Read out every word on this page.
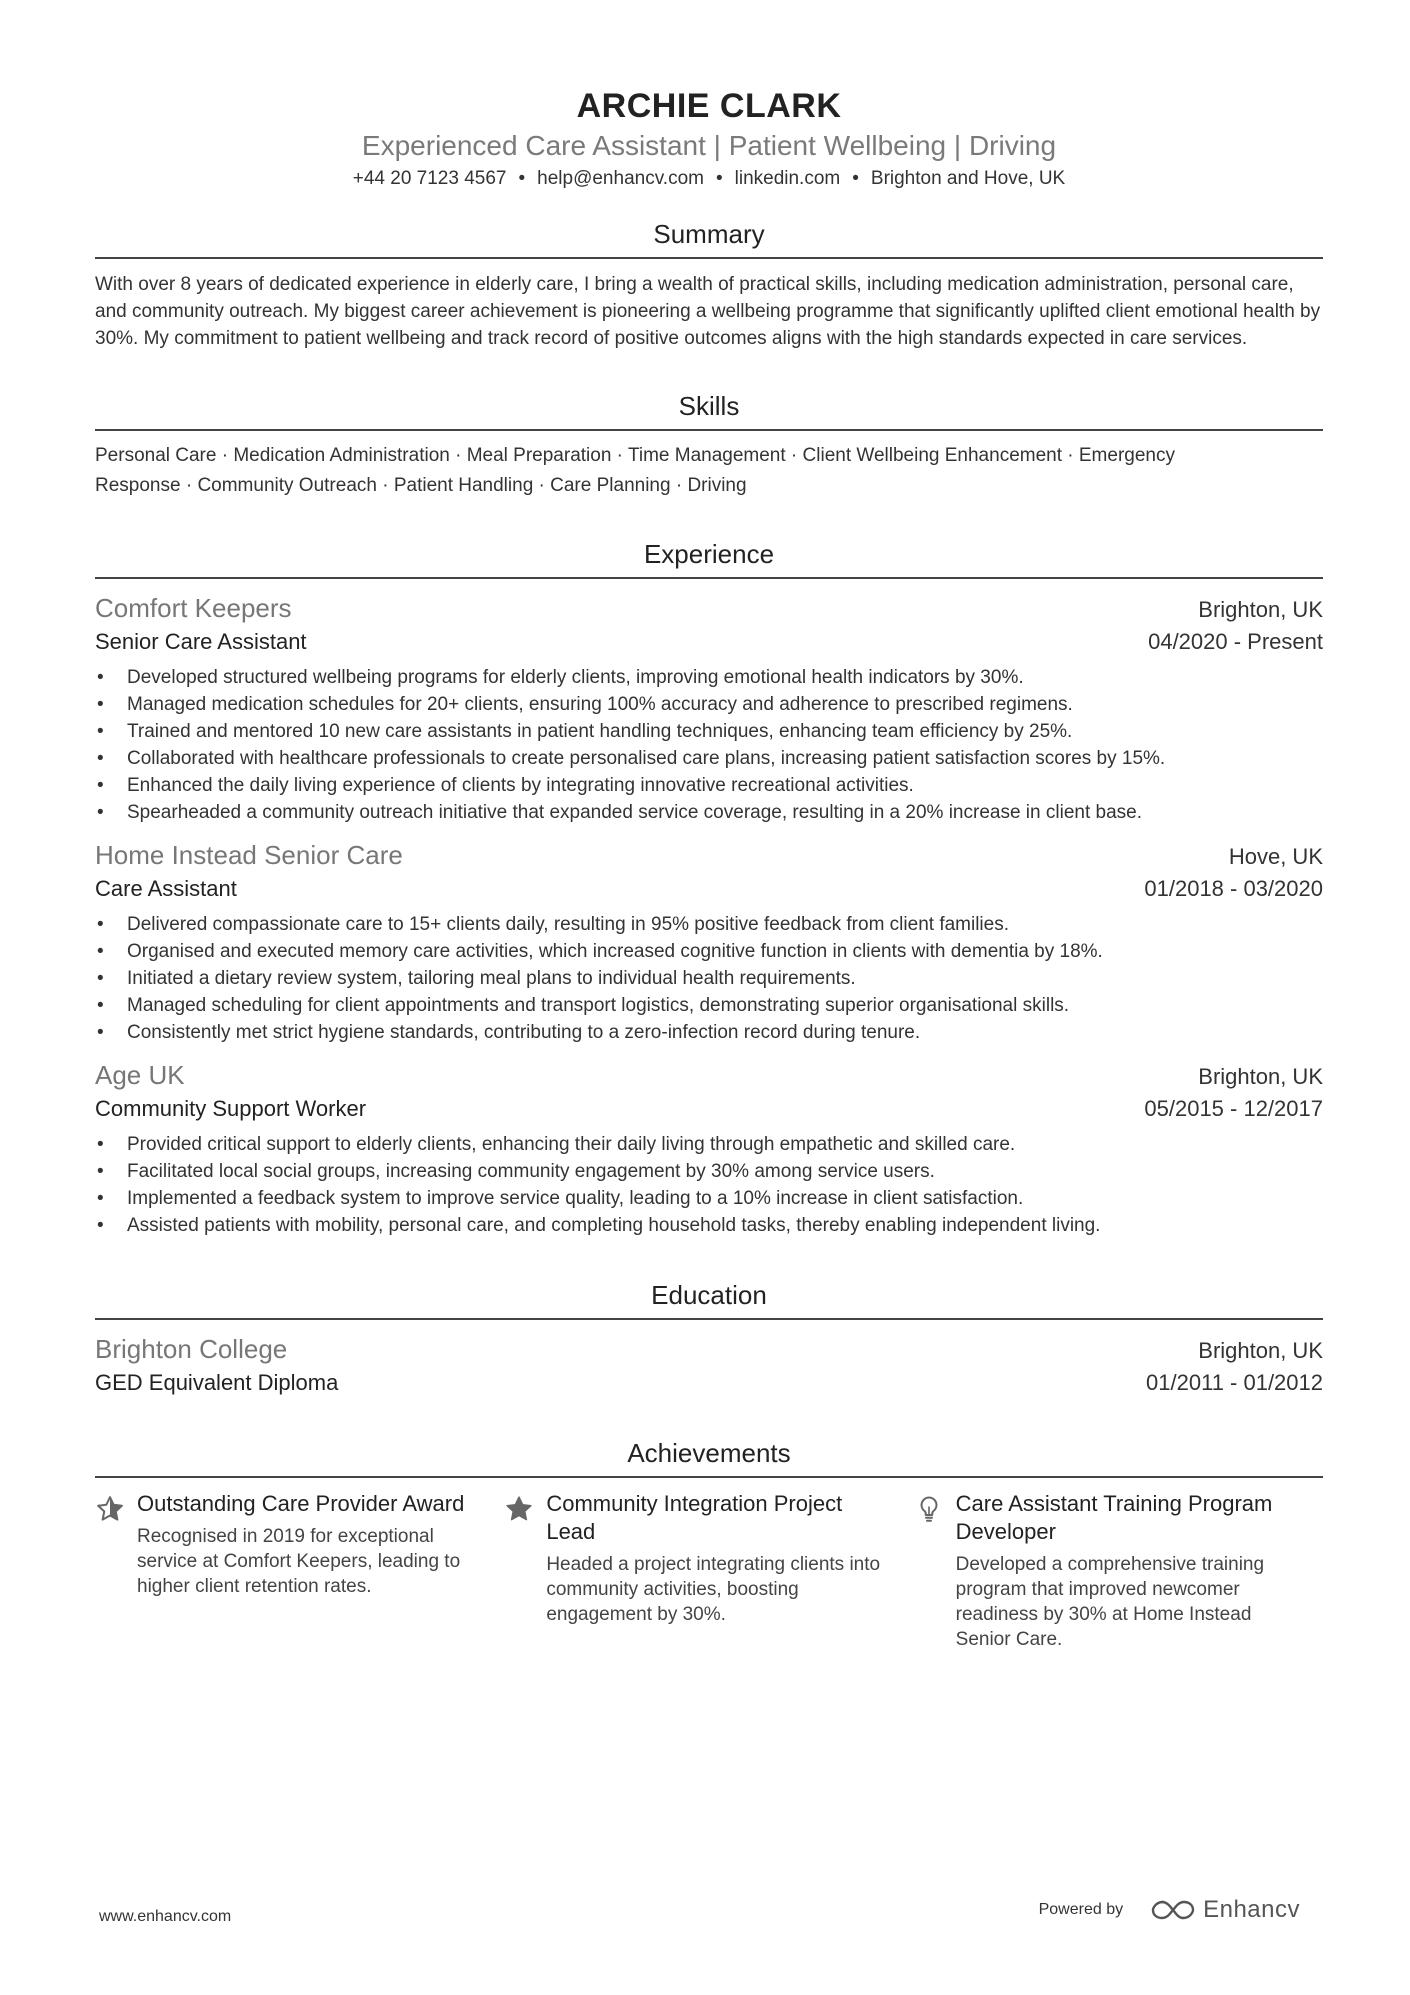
ARCHIE CLARK
Experienced Care Assistant | Patient Wellbeing | Driving
+44 20 7123 4567 • help@enhancv.com • linkedin.com • Brighton and Hove, UK
Summary
With over 8 years of dedicated experience in elderly care, I bring a wealth of practical skills, including medication administration, personal care, and community outreach. My biggest career achievement is pioneering a wellbeing programme that significantly uplifted client emotional health by 30%. My commitment to patient wellbeing and track record of positive outcomes aligns with the high standards expected in care services.
Skills
Personal Care · Medication Administration · Meal Preparation · Time Management · Client Wellbeing Enhancement · Emergency Response · Community Outreach · Patient Handling · Care Planning · Driving
Experience
Comfort Keepers	Brighton, UK
Senior Care Assistant	04/2020 - Present
• Developed structured wellbeing programs for elderly clients, improving emotional health indicators by 30%.
• Managed medication schedules for 20+ clients, ensuring 100% accuracy and adherence to prescribed regimens.
• Trained and mentored 10 new care assistants in patient handling techniques, enhancing team efficiency by 25%.
• Collaborated with healthcare professionals to create personalised care plans, increasing patient satisfaction scores by 15%.
• Enhanced the daily living experience of clients by integrating innovative recreational activities.
• Spearheaded a community outreach initiative that expanded service coverage, resulting in a 20% increase in client base.
Home Instead Senior Care	Hove, UK
Care Assistant	01/2018 - 03/2020
• Delivered compassionate care to 15+ clients daily, resulting in 95% positive feedback from client families.
• Organised and executed memory care activities, which increased cognitive function in clients with dementia by 18%.
• Initiated a dietary review system, tailoring meal plans to individual health requirements.
• Managed scheduling for client appointments and transport logistics, demonstrating superior organisational skills.
• Consistently met strict hygiene standards, contributing to a zero-infection record during tenure.
Age UK	Brighton, UK
Community Support Worker	05/2015 - 12/2017
• Provided critical support to elderly clients, enhancing their daily living through empathetic and skilled care.
• Facilitated local social groups, increasing community engagement by 30% among service users.
• Implemented a feedback system to improve service quality, leading to a 10% increase in client satisfaction.
• Assisted patients with mobility, personal care, and completing household tasks, thereby enabling independent living.
Education
Brighton College	Brighton, UK
GED Equivalent Diploma	01/2011 - 01/2012
Achievements
Outstanding Care Provider Award
Recognised in 2019 for exceptional service at Comfort Keepers, leading to higher client retention rates.
Community Integration Project Lead
Headed a project integrating clients into community activities, boosting engagement by 30%.
Care Assistant Training Program Developer
Developed a comprehensive training program that improved newcomer readiness by 30% at Home Instead Senior Care.
www.enhancv.com	Powered by	Enhancv
